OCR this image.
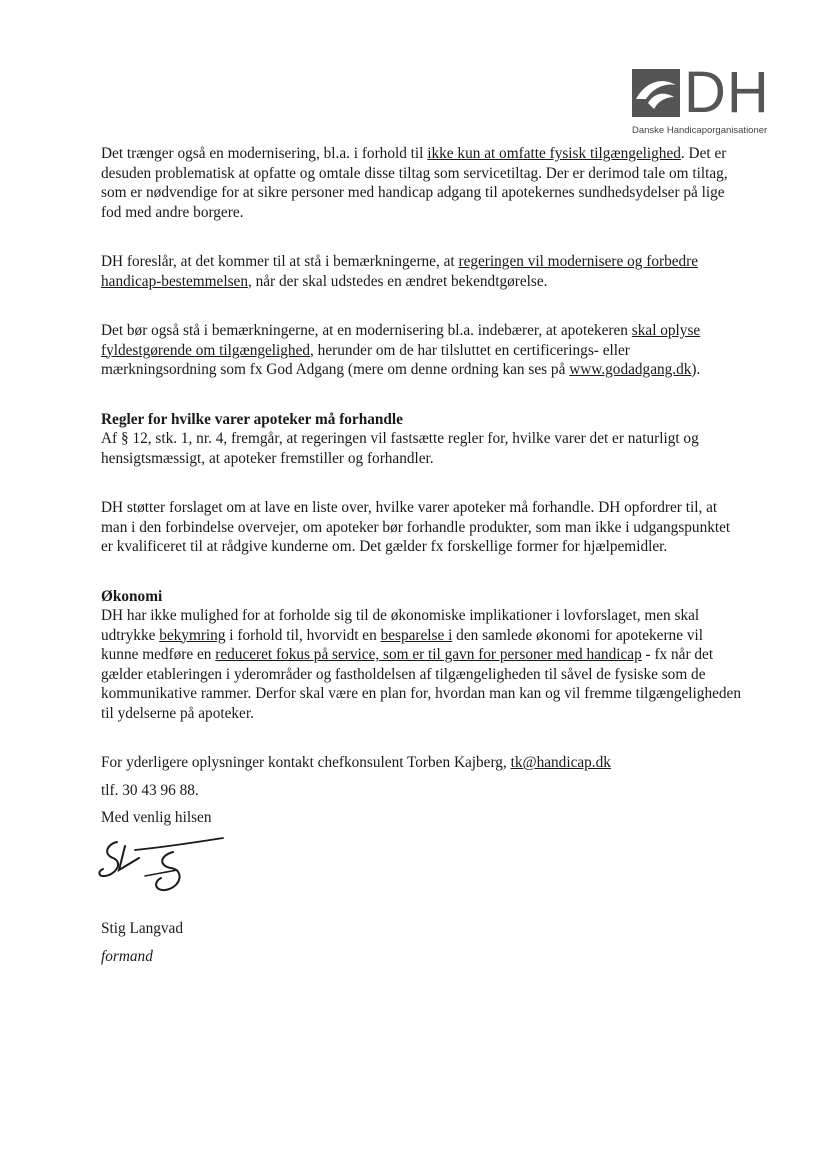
DH
Danske Handicaporganisationer

Det trænger også en modernisering, bl.a. i forhold til ikke kun at omfatte fysisk tilgængelighed. Det er desuden problematisk at opfatte og omtale disse tiltag som servicetiltag. Der er derimod tale om tiltag, som er nødvendige for at sikre personer med handicap adgang til apotekernes sundhedsydelser på lige fod med andre borgere.

DH foreslår, at det kommer til at stå i bemærkningerne, at regeringen vil modernisere og forbedre handicap-bestemmelsen, når der skal udstedes en ændret bekendtgørelse.

Det bør også stå i bemærkningerne, at en modernisering bl.a. indebærer, at apotekeren skal oplyse fyldestgørende om tilgængelighed, herunder om de har tilsluttet en certificerings- eller mærkningsordning som fx God Adgang (mere om denne ordning kan ses på www.godadgang.dk).

Regler for hvilke varer apoteker må forhandle

Af § 12, stk. 1, nr. 4, fremgår, at regeringen vil fastsætte regler for, hvilke varer det er naturligt og hensigtsmæssigt, at apoteker fremstiller og forhandler.

DH støtter forslaget om at lave en liste over, hvilke varer apoteker må forhandle. DH opfordrer til, at man i den forbindelse overvejer, om apoteker bør forhandle produkter, som man ikke i udgangspunktet er kvalificeret til at rådgive kunderne om. Det gælder fx forskellige former for hjælpemidler.

Økonomi

DH har ikke mulighed for at forholde sig til de økonomiske implikationer i lovforslaget, men skal udtrykke bekymring i forhold til, hvorvidt en besparelse i den samlede økonomi for apotekerne vil kunne medføre en reduceret fokus på service, som er til gavn for personer med handicap - fx når det gælder etableringen i yderområder og fastholdelsen af tilgængeligheden til såvel de fysiske som de kommunikative rammer. Derfor skal være en plan for, hvordan man kan og vil fremme tilgængeligheden til ydelserne på apoteker.

For yderligere oplysninger kontakt chefkonsulent Torben Kajberg, tk@handicap.dk

tlf. 30 43 96 88.

Med venlig hilsen

Stig Langvad

formand
